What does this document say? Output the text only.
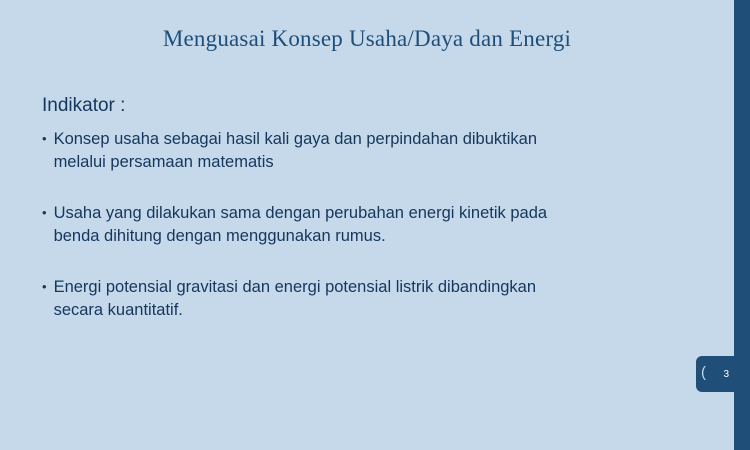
Menguasai Konsep Usaha/Daya dan Energi
Indikator :
• Konsep usaha sebagai hasil kali gaya dan perpindahan dibuktikan
melalui persamaan matematis
• Usaha yang dilakukan sama dengan perubahan energi kinetik pada
benda dihitung dengan menggunakan rumus.
• Energi potensial gravitasi dan energi potensial listrik dibandingkan
secara kuantitatif.
( 3
